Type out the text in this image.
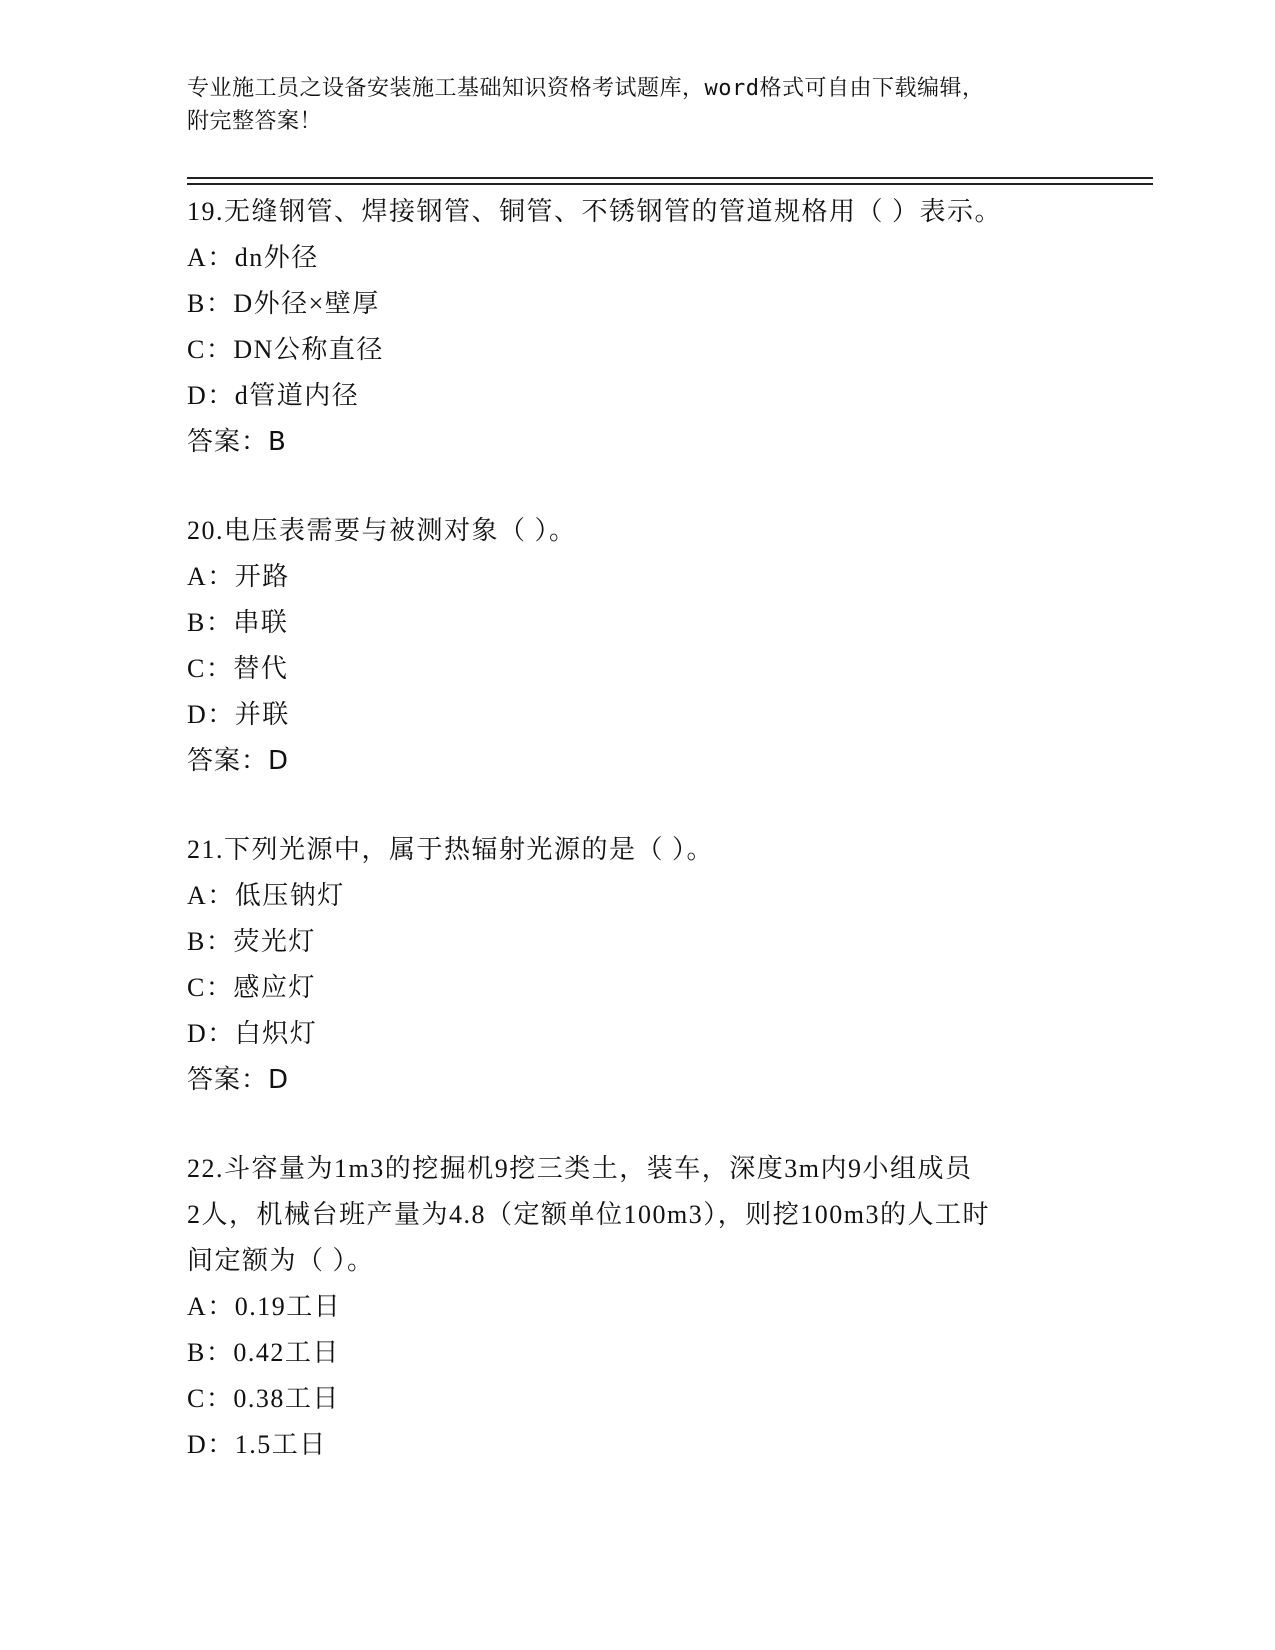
专业施工员之设备安装施工基础知识资格考试题库，word格式可自由下载编辑，
附完整答案！
19.无缝钢管、焊接钢管、铜管、不锈钢管的管道规格用（ ）表示。
A：dn外径
B：D外径×壁厚
C：DN公称直径
D：d管道内径
答案：B
20.电压表需要与被测对象（ ）。
A：开路
B：串联
C：替代
D：并联
答案：D
21.下列光源中，属于热辐射光源的是（ ）。
A：低压钠灯
B：荧光灯
C：感应灯
D：白炽灯
答案：D
22.斗容量为1m3的挖掘机9挖三类土，装车，深度3m内9小组成员
2人，机械台班产量为4.8（定额单位100m3），则挖100m3的人工时
间定额为（ ）。
A：0.19工日
B：0.42工日
C：0.38工日
D：1.5工日
